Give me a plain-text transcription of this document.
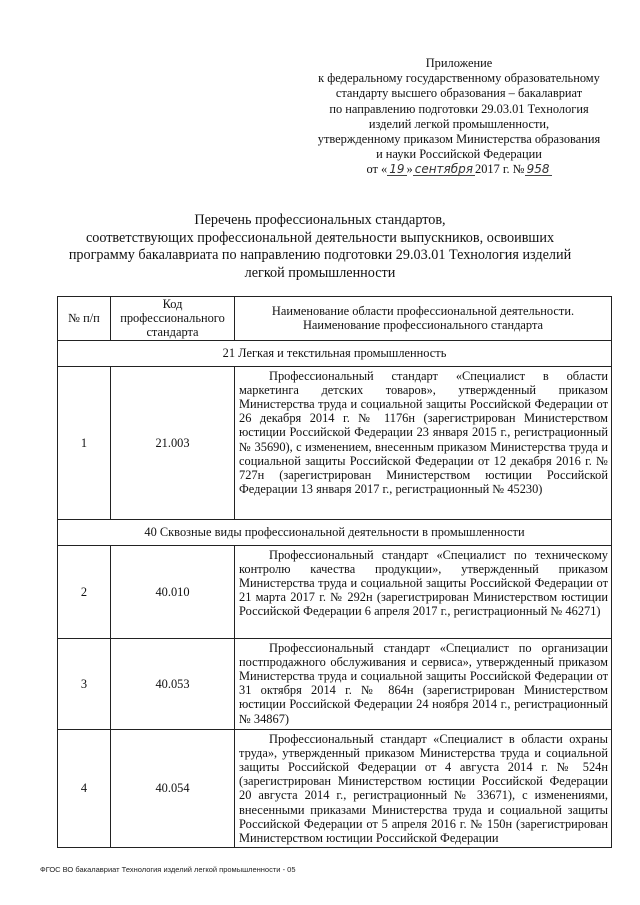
Приложение
к федеральному государственному образовательному
стандарту высшего образования – бакалавриат
по направлению подготовки 29.03.01 Технология
изделий легкой промышленности,
утвержденному приказом Министерства образования
и науки Российской Федерации
от « 19 » сентября 2017 г. № 958
Перечень профессиональных стандартов,
соответствующих профессиональной деятельности выпускников, освоивших
программу бакалавриата по направлению подготовки 29.03.01 Технология изделий
легкой промышленности
№ п/п	Код профессионального стандарта	Наименование области профессиональной деятельности.
Наименование профессионального стандарта
21 Легкая и текстильная промышленность		
1	21.003	Профессиональный стандарт «Специалист в области маркетинга детских товаров», утвержденный приказом Министерства труда и социальной защиты Российской Федерации от 26 декабря 2014 г. № 1176н (зарегистрирован Министерством юстиции Российской Федерации 23 января 2015 г., регистрационный № 35690), с изменением, внесенным приказом Министерства труда и социальной защиты Российской Федерации от 12 декабря 2016 г. № 727н (зарегистрирован Министерством юстиции Российской Федерации 13 января 2017 г., регистрационный № 45230)
40 Сквозные виды профессиональной деятельности в промышленности		
2	40.010	Профессиональный стандарт «Специалист по техническому контролю качества продукции», утвержденный приказом Министерства труда и социальной защиты Российской Федерации от 21 марта 2017 г. № 292н (зарегистрирован Министерством юстиции Российской Федерации 6 апреля 2017 г., регистрационный № 46271)
3	40.053	Профессиональный стандарт «Специалист по организации постпродажного обслуживания и сервиса», утвержденный приказом Министерства труда и социальной защиты Российской Федерации от 31 октября 2014 г. № 864н (зарегистрирован Министерством юстиции Российской Федерации 24 ноября 2014 г., регистрационный № 34867)
4	40.054	Профессиональный стандарт «Специалист в области охраны труда», утвержденный приказом Министерства труда и социальной защиты Российской Федерации от 4 августа 2014 г. № 524н (зарегистрирован Министерством юстиции Российской Федерации 20 августа 2014 г., регистрационный № 33671), с изменениями, внесенными приказами Министерства труда и социальной защиты Российской Федерации от 5 апреля 2016 г. № 150н (зарегистрирован Министерством юстиции Российской Федерации
ФГОС ВО бакалавриат Технология изделий легкой промышленности - 05
